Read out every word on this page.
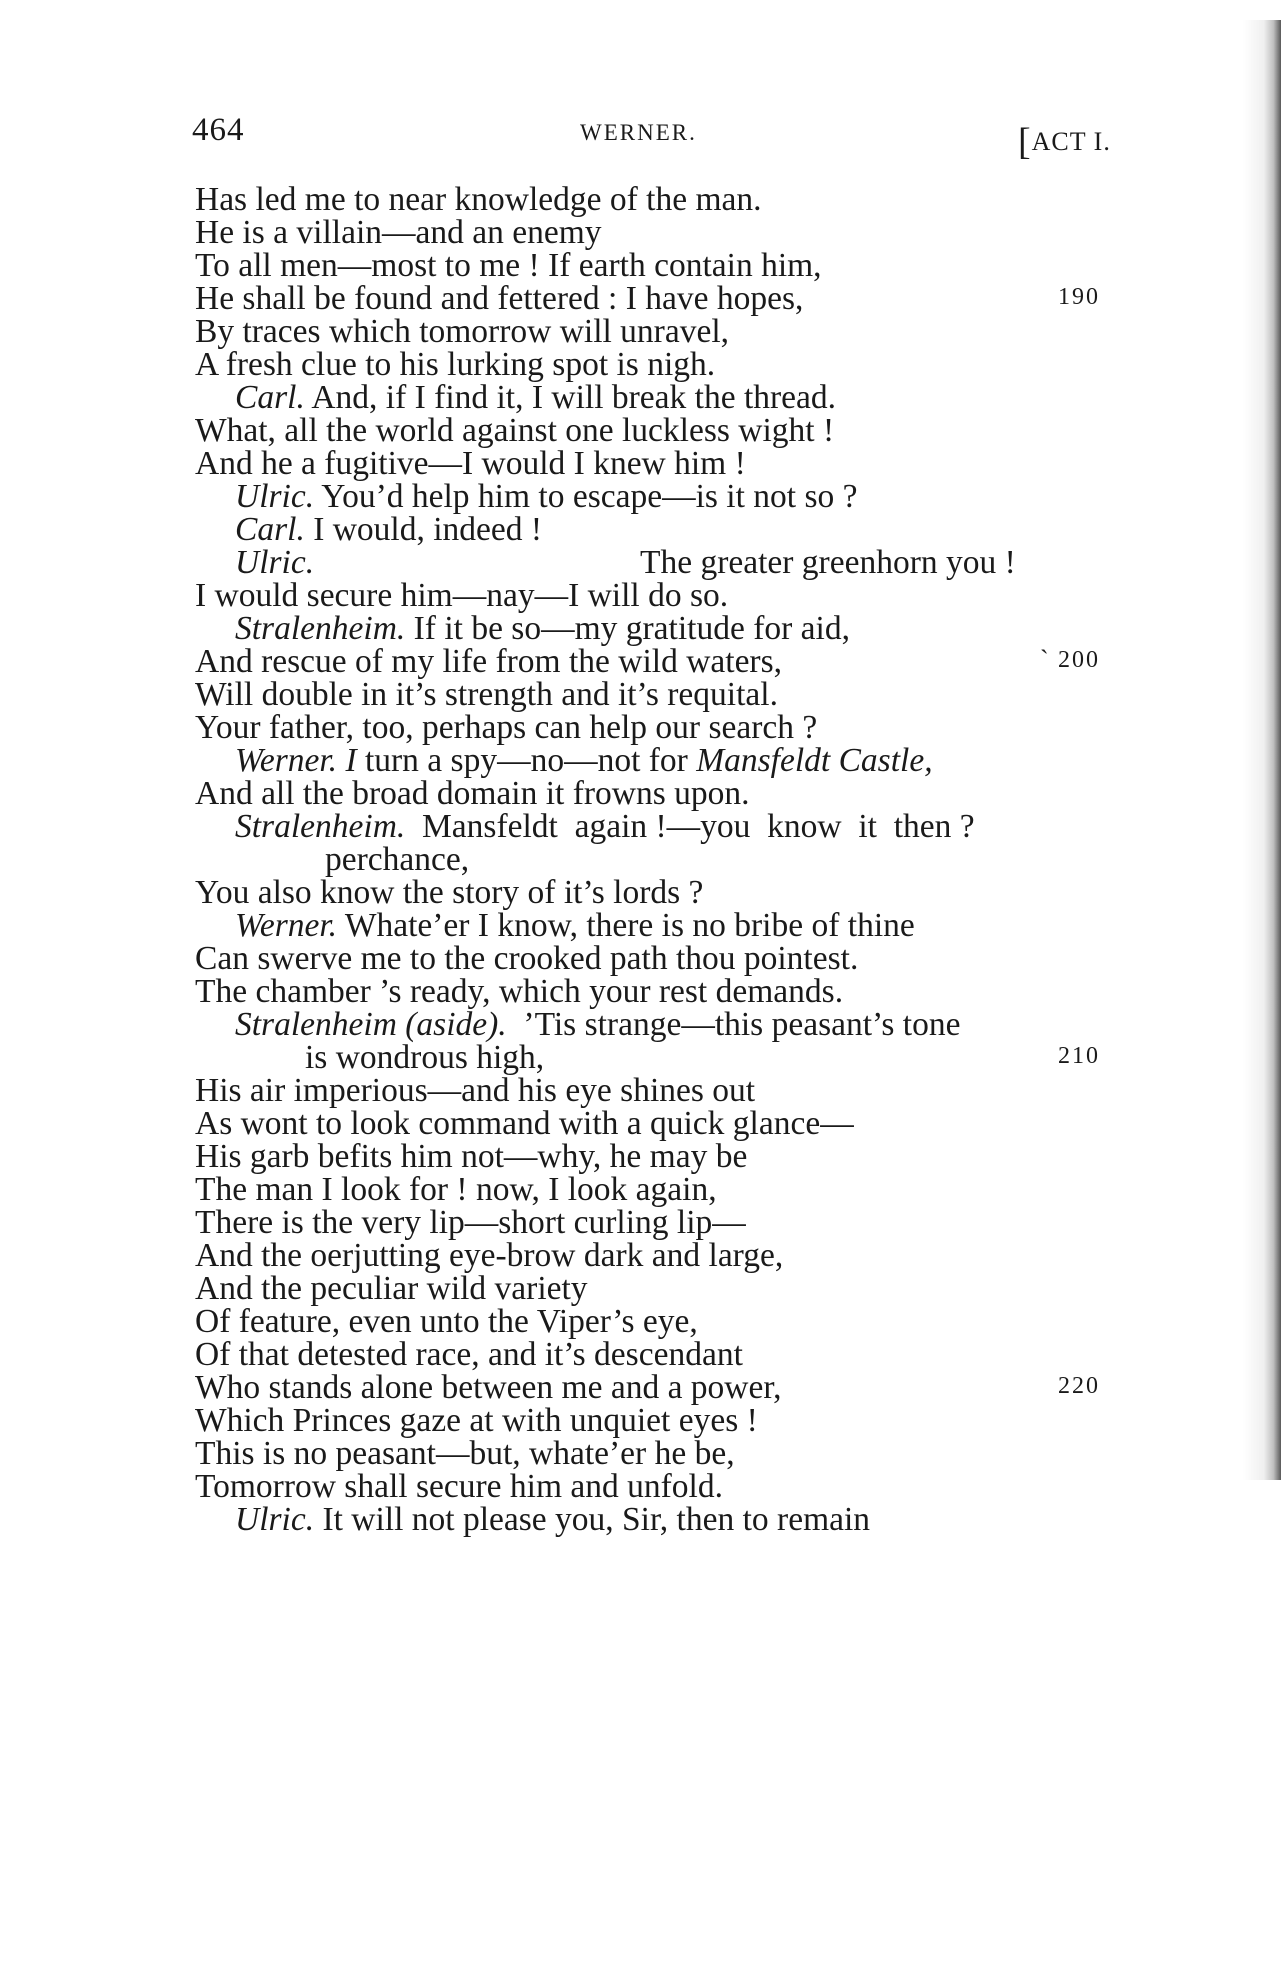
464	WERNER.	[ACT I.
Has led me to near knowledge of the man.
He is a villain—and an enemy
To all men—most to me ! If earth contain him,
He shall be found and fettered : I have hopes,	190
By traces which tomorrow will unravel,
A fresh clue to his lurking spot is nigh.
Carl. And, if I find it, I will break the thread.
What, all the world against one luckless wight !
And he a fugitive—I would I knew him !
Ulric. You’d help him to escape—is it not so ?
Carl. I would, indeed !
Ulric.	The greater greenhorn you !
I would secure him—nay—I will do so.
Stralenheim. If it be so—my gratitude for aid,
And rescue of my life from the wild waters,	` 200
Will double in it’s strength and it’s requital.
Your father, too, perhaps can help our search ?
Werner. I turn a spy—no—not for Mansfeldt Castle,
And all the broad domain it frowns upon.
Stralenheim.  Mansfeldt  again !—you  know  it  then ?
perchance,
You also know the story of it’s lords ?
Werner. Whate’er I know, there is no bribe of thine
Can swerve me to the crooked path thou pointest.
The chamber ’s ready, which your rest demands.
Stralenheim (aside).  ’Tis strange—this peasant’s tone
is wondrous high,	210
His air imperious—and his eye shines out
As wont to look command with a quick glance—
His garb befits him not—why, he may be
The man I look for ! now, I look again,
There is the very lip—short curling lip—
And the oerjutting eye-brow dark and large,
And the peculiar wild variety
Of feature, even unto the Viper’s eye,
Of that detested race, and it’s descendant
Who stands alone between me and a power,	220
Which Princes gaze at with unquiet eyes !
This is no peasant—but, whate’er he be,
Tomorrow shall secure him and unfold.
Ulric. It will not please you, Sir, then to remain
